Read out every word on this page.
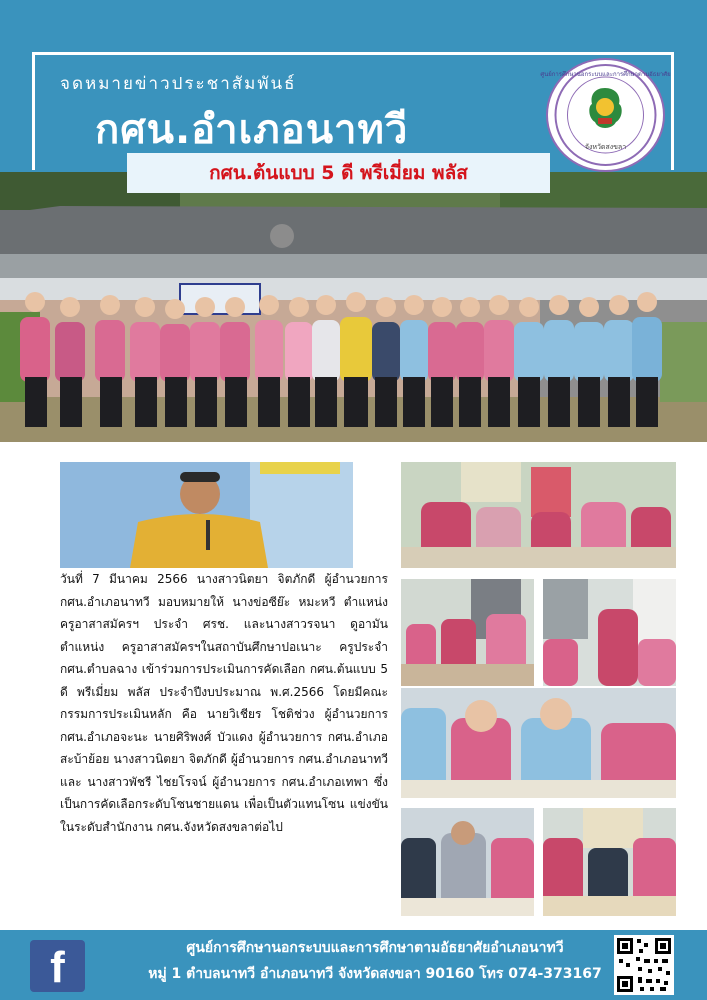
จดหมายข่าวประชาสัมพันธ์
กศน.อำเภอนาทวี
ศูนย์การศึกษานอกระบบและการศึกษาตามอัธยาศัย
จังหวัดสงขลา
กศน.ต้นแบบ 5 ดี พรีเมี่ยม พลัส
วันที่ 7 มีนาคม 2566 นางสาวนิตยา จิตภักดี ผู้อำนวยการ กศน.อำเภอนาทวี มอบหมายให้ นางข่อซีย๊ะ หมะหวี ตำแหน่ง ครูอาสาสมัครฯ ประจำ ศรช. และนางสาวรจนา ดูอามัน ตำแหน่ง ครูอาสาสมัครฯในสถาบันศึกษาปอเนาะ ครูประจำ กศน.ตำบลฉาง เข้าร่วมการประเมินการคัดเลือก กศน.ต้นแบบ 5 ดี พรีเมี่ยม พลัส ประจำปีงบประมาณ พ.ศ.2566 โดยมีคณะกรรมการประเมินหลัก คือ นายวิเชียร โชติช่วง ผู้อำนวยการ กศน.อำเภอจะนะ นายศิริพงศ์ บัวแดง ผู้อำนวยการ กศน.อำเภอสะบ้าย้อย นางสาวนิตยา จิตภักดี ผู้อำนวยการ กศน.อำเภอนาทวี และ นางสาวพัชรี ไชยโรจน์ ผู้อำนวยการ กศน.อำเภอเทพา ซึ่งเป็นการคัดเลือกระดับโซนชายแดน เพื่อเป็นตัวแทนโซน แข่งขันในระดับสำนักงาน กศน.จังหวัดสงขลาต่อไป
f	ศูนย์การศึกษานอกระบบและการศึกษาตามอัธยาศัยอำเภอนาทวี
หมู่ 1 ตำบลนาทวี อำเภอนาทวี จังหวัดสงขลา 90160 โทร 074-373167
